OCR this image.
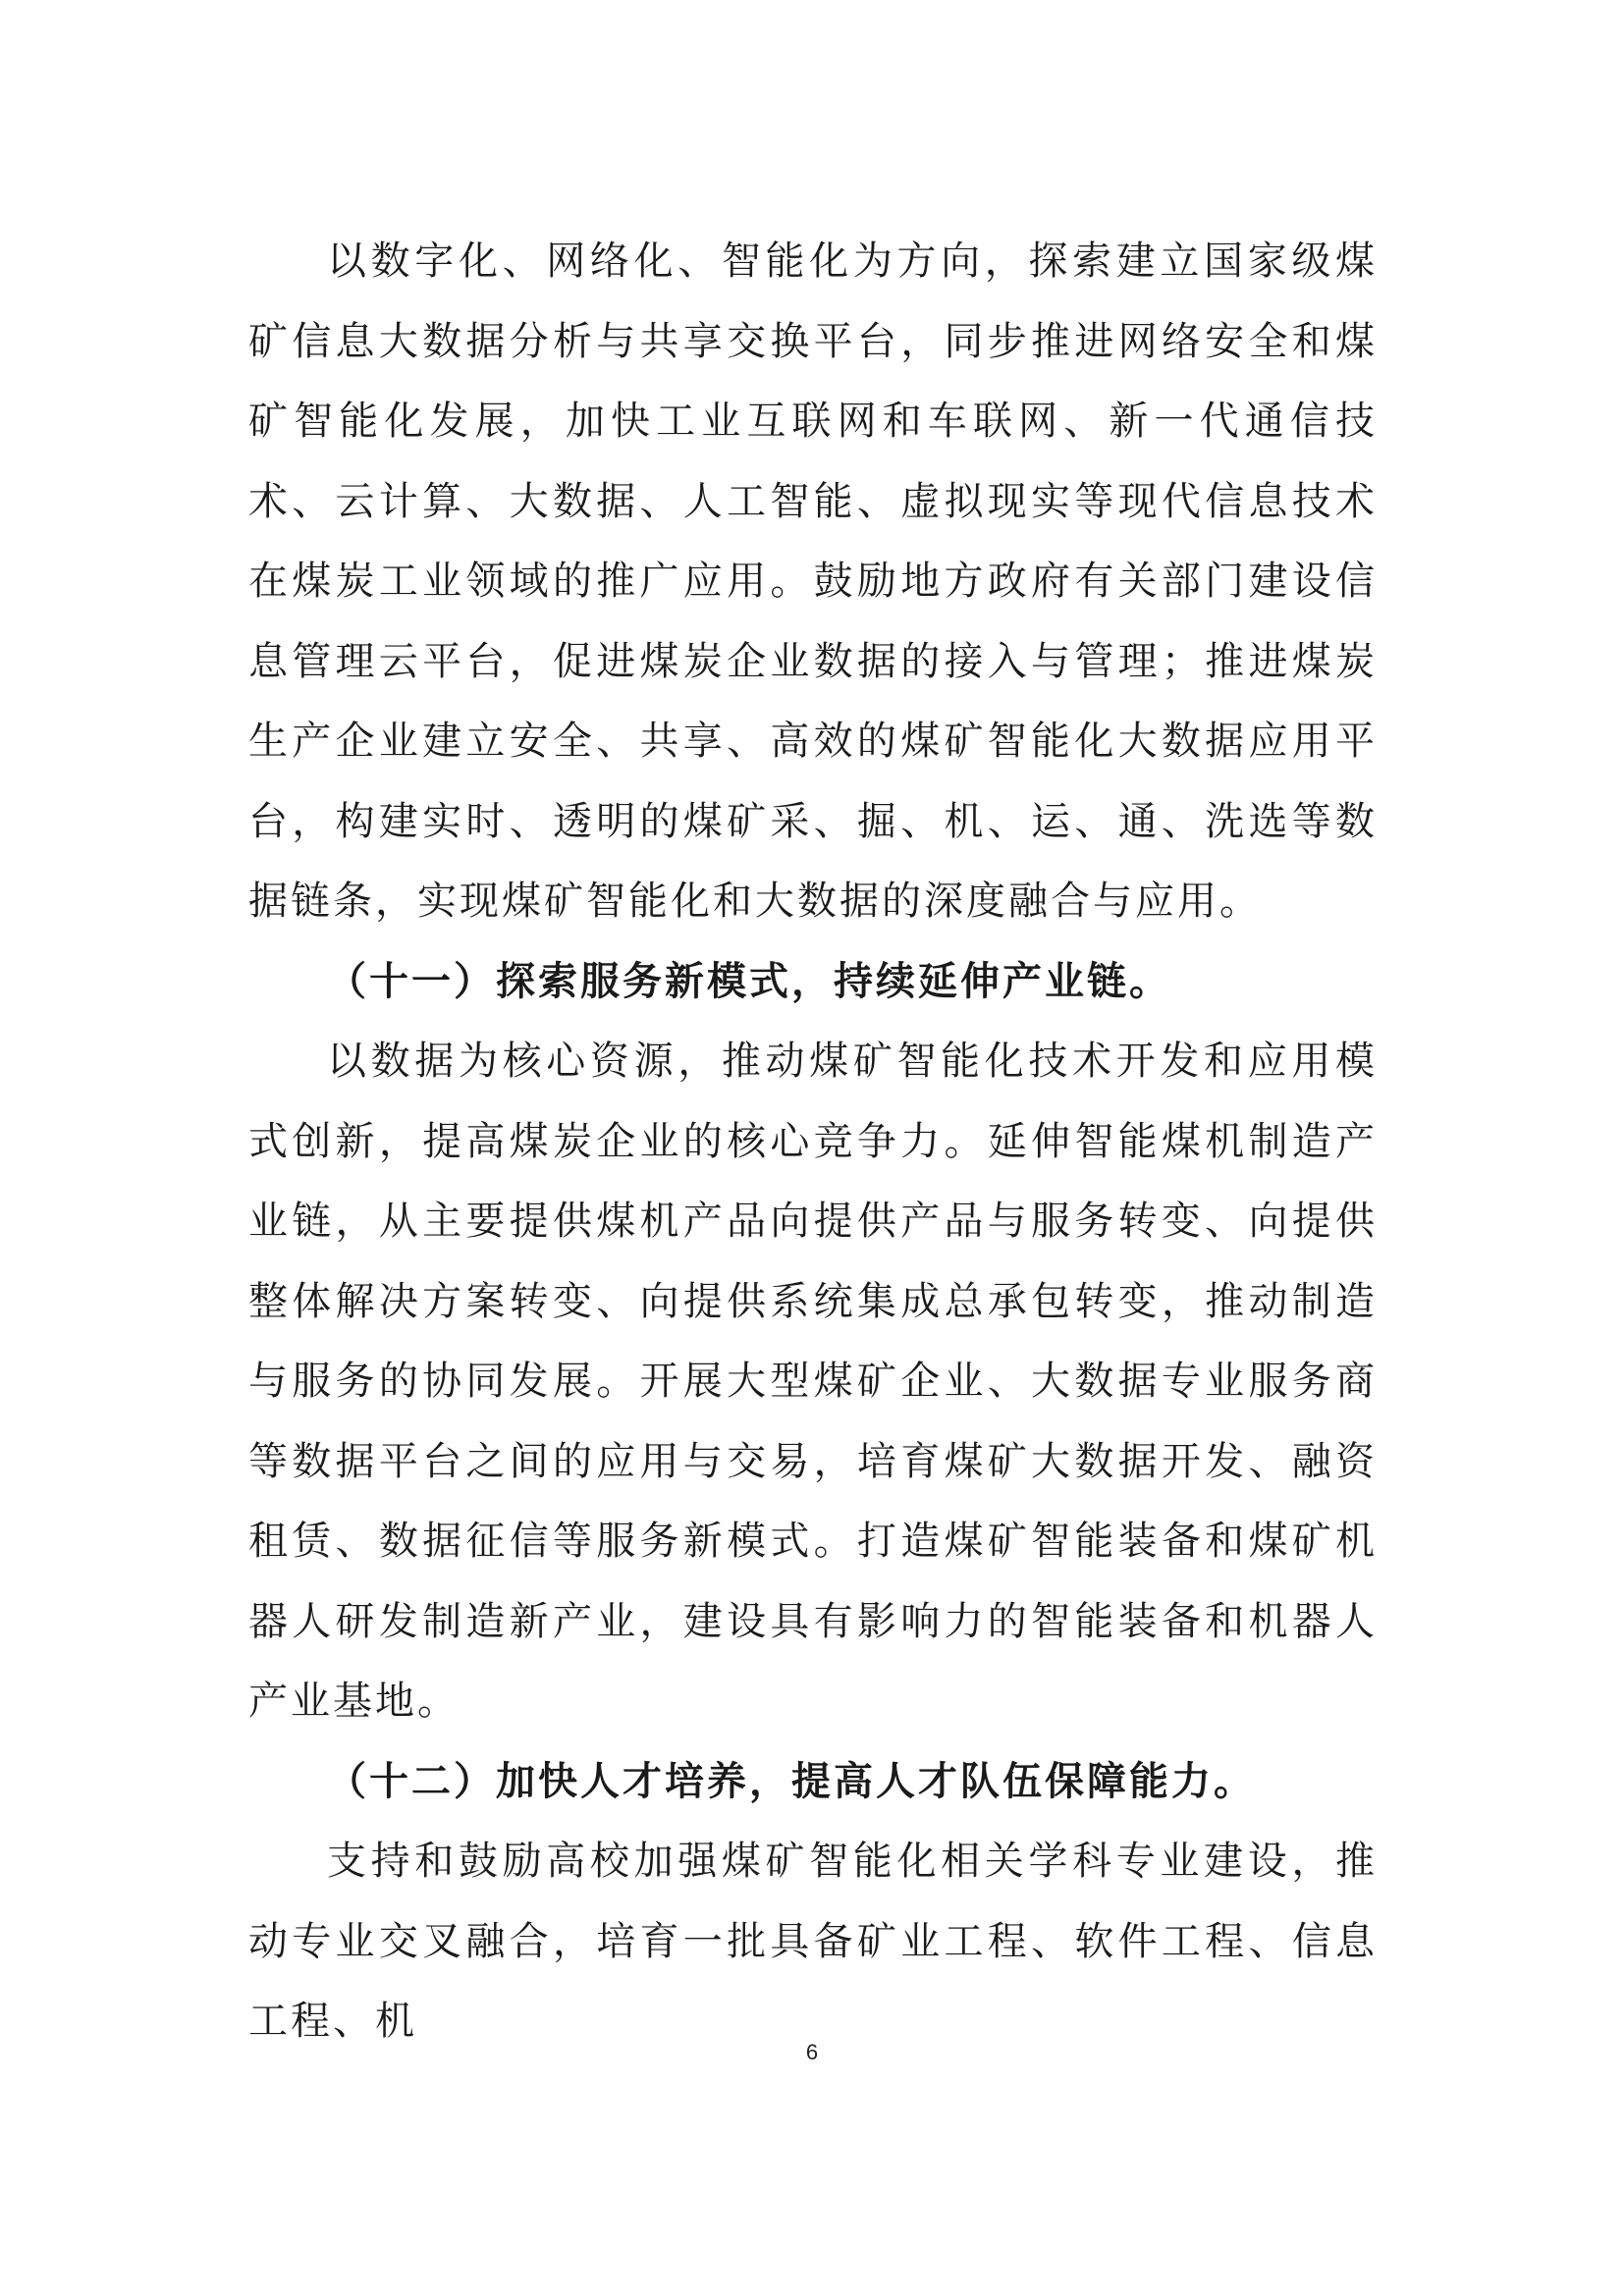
以数字化、网络化、智能化为方向，探索建立国家级煤矿信息大数据分析与共享交换平台，同步推进网络安全和煤矿智能化发展，加快工业互联网和车联网、新一代通信技术、云计算、大数据、人工智能、虚拟现实等现代信息技术在煤炭工业领域的推广应用。鼓励地方政府有关部门建设信息管理云平台，促进煤炭企业数据的接入与管理；推进煤炭生产企业建立安全、共享、高效的煤矿智能化大数据应用平台，构建实时、透明的煤矿采、掘、机、运、通、洗选等数据链条，实现煤矿智能化和大数据的深度融合与应用。

（十一）探索服务新模式，持续延伸产业链。

以数据为核心资源，推动煤矿智能化技术开发和应用模式创新，提高煤炭企业的核心竞争力。延伸智能煤机制造产业链，从主要提供煤机产品向提供产品与服务转变、向提供整体解决方案转变、向提供系统集成总承包转变，推动制造与服务的协同发展。开展大型煤矿企业、大数据专业服务商等数据平台之间的应用与交易，培育煤矿大数据开发、融资租赁、数据征信等服务新模式。打造煤矿智能装备和煤矿机器人研发制造新产业，建设具有影响力的智能装备和机器人产业基地。

（十二）加快人才培养，提高人才队伍保障能力。

支持和鼓励高校加强煤矿智能化相关学科专业建设，推动专业交叉融合，培育一批具备矿业工程、软件工程、信息工程、机

6
